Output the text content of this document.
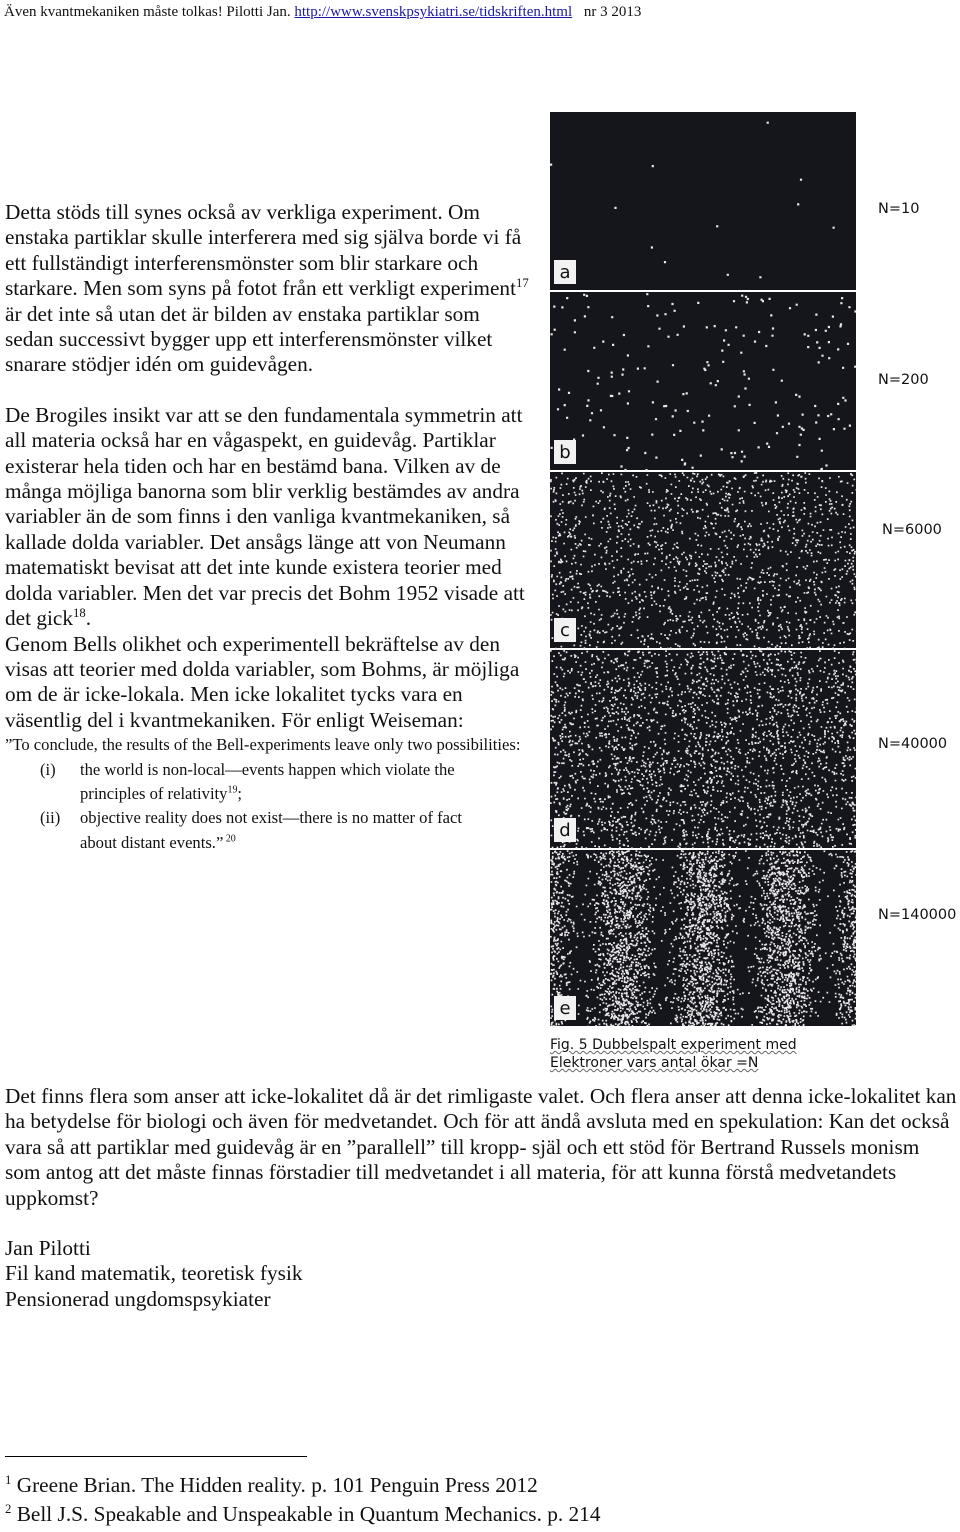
Även kvantmekaniken måste tolkas! Pilotti Jan. http://www.svenskpsykiatri.se/tidskriften.html nr 3 2013

Detta stöds till synes också av verkliga experiment. Om enstaka partiklar skulle interferera med sig själva borde vi få ett fullständigt interferensmönster som blir starkare och starkare. Men som syns på fotot från ett verkligt experiment$^{17}$ är det inte så utan det är bilden av enstaka partiklar som sedan successivt bygger upp ett interferensmönster vilket snarare stödjer idén om guidevågen.

De Brogiles insikt var att se den fundamentala symmetrin att all materia också har en vågaspekt, en guidevåg. Partiklar existerar hela tiden och har en bestämd bana. Vilken av de många möjliga banorna som blir verklig bestämdes av andra variabler än de som finns i den vanliga kvantmekaniken, så kallade dolda variabler. Det ansågs länge att von Neumann matematiskt bevisat att det inte kunde existera teorier med dolda variabler. Men det var precis det Bohm 1952 visade att det gick$^{18}$.

Genom Bells olikhet och experimentell bekräftelse av den visas att teorier med dolda variabler, som Bohms, är möjliga om de är icke-lokala. Men icke lokalitet tycks vara en väsentlig del i kvantmekaniken. För enligt Weiseman:

”To conclude, the results of the Bell-experiments leave only two possibilities:

(i)	the world is non-local—events happen which violate the principles of relativity$^{19}$;
(ii)	objective reality does not exist—there is no matter of fact about distant events.” $^{20}$
a
b
c
d
e
N=10
N=200
N=6000
N=40000
N=140000
Fig. 5 Dubbelspalt experiment med
Elektroner vars antal ökar =N
Det finns flera som anser att icke-lokalitet då är det rimligaste valet. Och flera anser att denna icke-lokalitet kan ha betydelse för biologi och även för medvetandet. Och för att ändå avsluta med en spekulation: Kan det också vara så att partiklar med guidevåg är en ”parallell” till kropp- själ och ett stöd för Bertrand Russels monism som antog att det måste finnas förstadier till medvetandet i all materia, för att kunna förstå medvetandets uppkomst?

Jan Pilotti

Fil kand matematik, teoretisk fysik

Pensionerad ungdomspsykiater

$^1$ Greene Brian. The Hidden reality. p. 101 Penguin Press 2012
$^2$ Bell J.S. Speakable and Unspeakable in Quantum Mechanics. p. 214
